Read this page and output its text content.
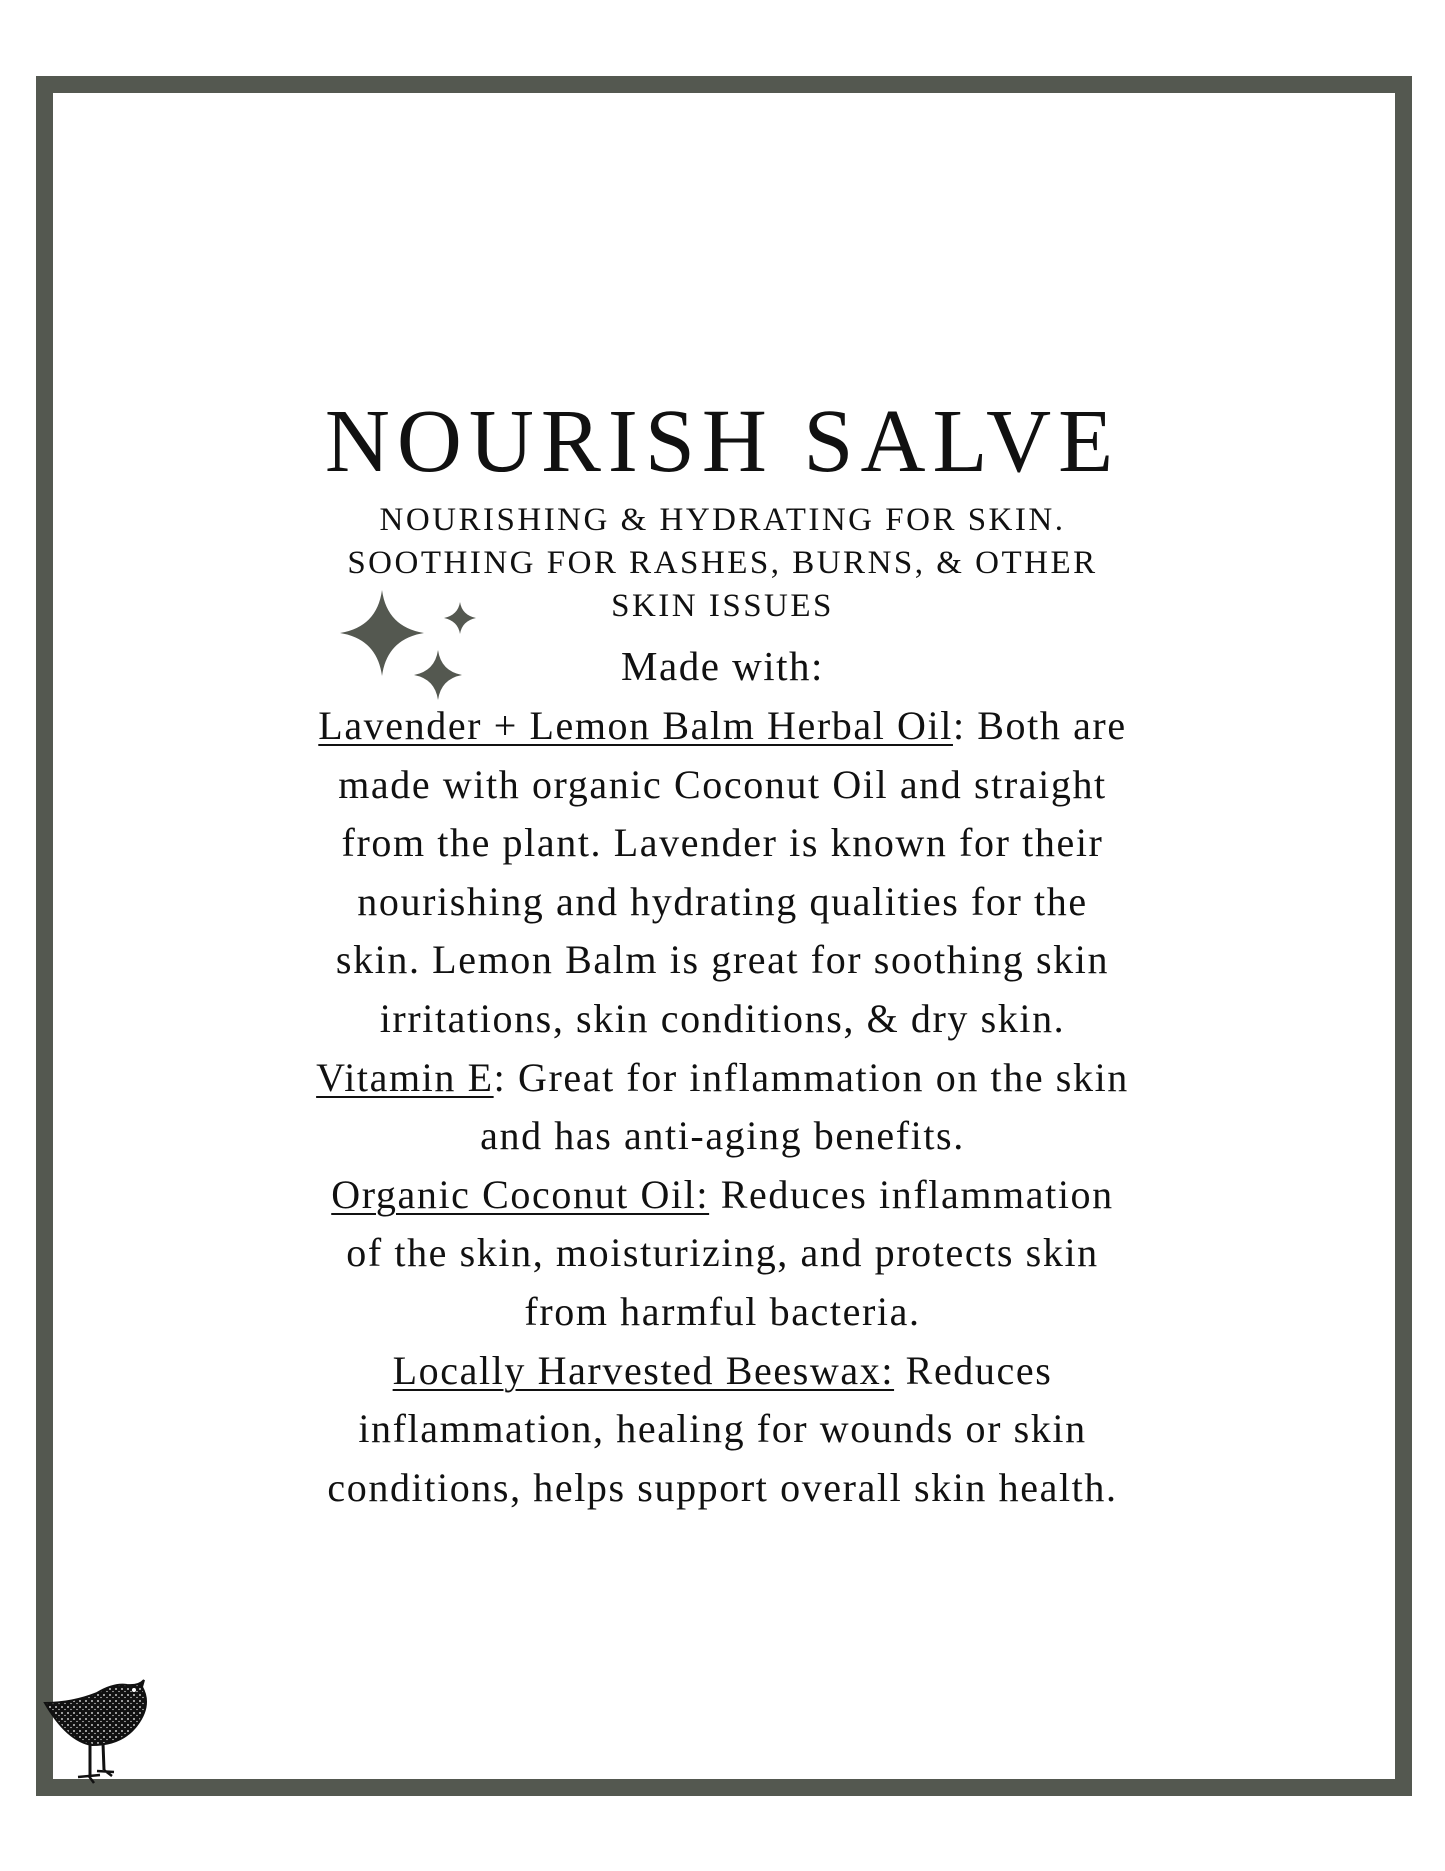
NOURISH SALVE
NOURISHING & HYDRATING FOR SKIN.
SOOTHING FOR RASHES, BURNS, & OTHER
SKIN ISSUES
Made with:
Lavender + Lemon Balm Herbal Oil: Both are
made with organic Coconut Oil and straight
from the plant. Lavender is known for their
nourishing and hydrating qualities for the
skin. Lemon Balm is great for soothing skin
irritations, skin conditions, & dry skin.
Vitamin E: Great for inflammation on the skin
and has anti-aging benefits.
Organic Coconut Oil: Reduces inflammation
of the skin, moisturizing, and protects skin
from harmful bacteria.
Locally Harvested Beeswax: Reduces
inflammation, healing for wounds or skin
conditions, helps support overall skin health.
